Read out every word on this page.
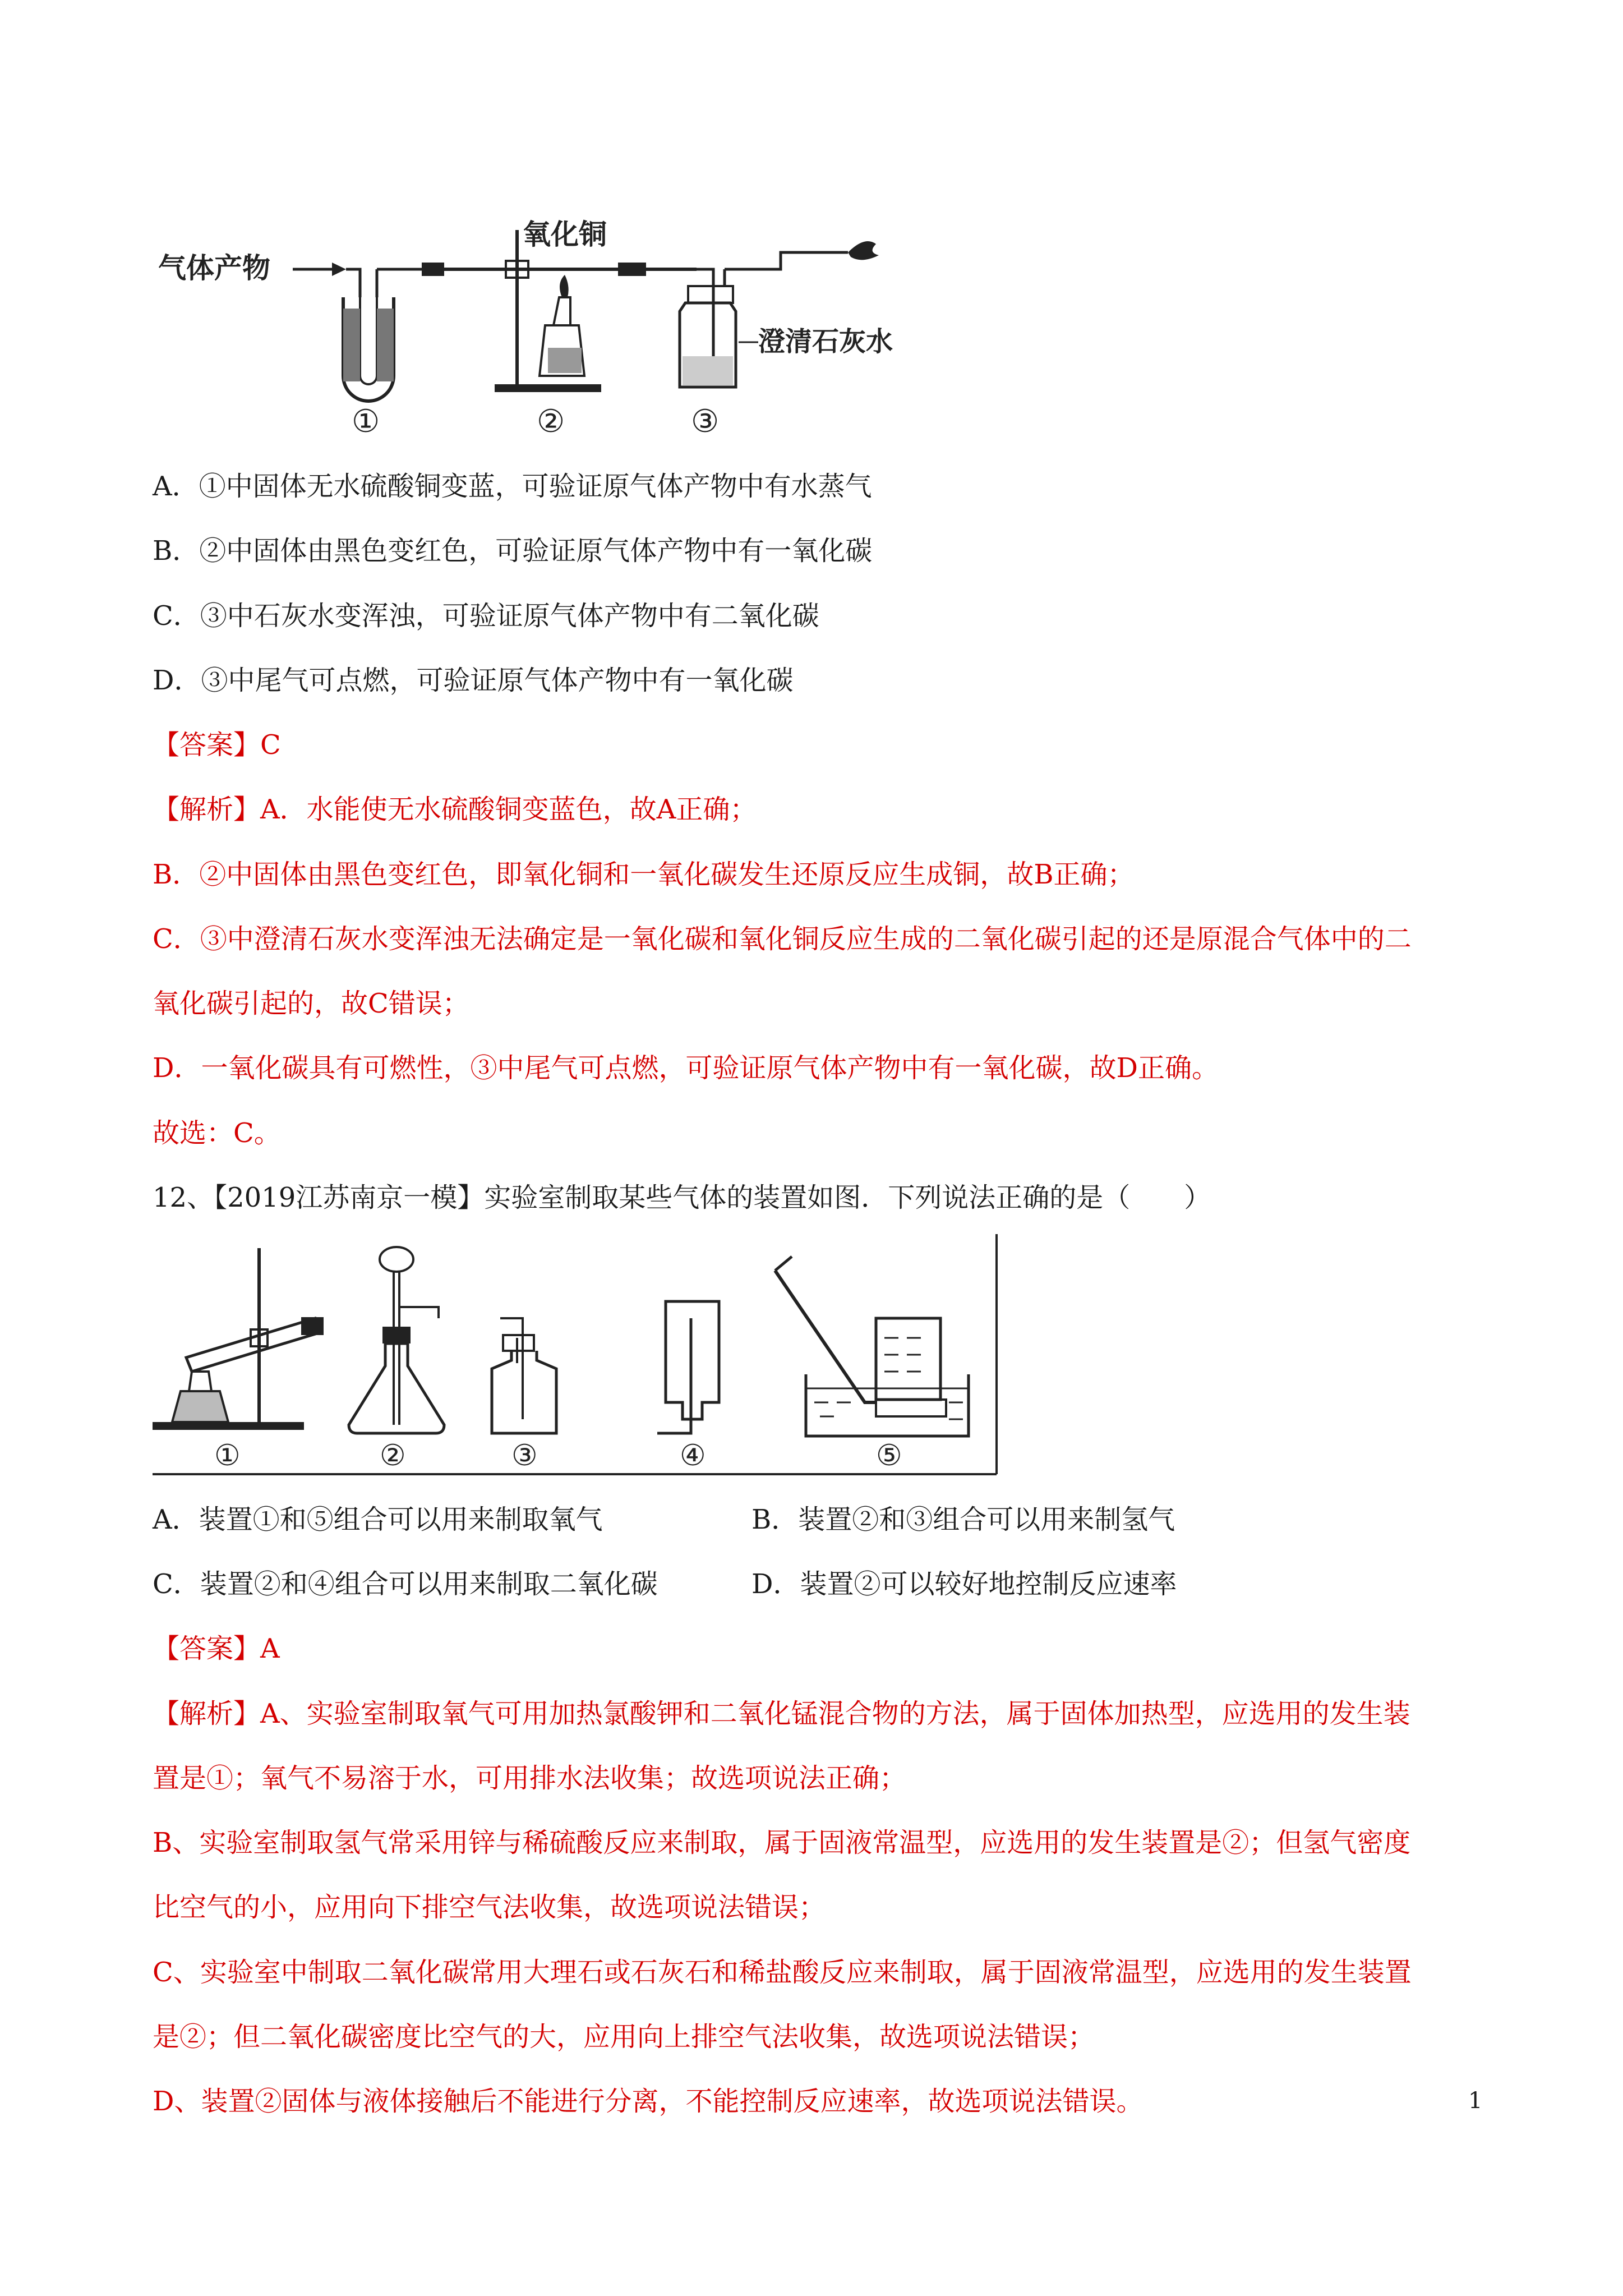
气体产物
氧化铜
澄清石灰水
①	②	③
A．①中固体无水硫酸铜变蓝，可验证原气体产物中有水蒸气
B．②中固体由黑色变红色，可验证原气体产物中有一氧化碳
C．③中石灰水变浑浊，可验证原气体产物中有二氧化碳
D．③中尾气可点燃，可验证原气体产物中有一氧化碳
【答案】C
【解析】A．水能使无水硫酸铜变蓝色，故A正确；
B．②中固体由黑色变红色，即氧化铜和一氧化碳发生还原反应生成铜，故B正确；
C．③中澄清石灰水变浑浊无法确定是一氧化碳和氧化铜反应生成的二氧化碳引起的还是原混合气体中的二
氧化碳引起的，故C错误；
D．一氧化碳具有可燃性，③中尾气可点燃，可验证原气体产物中有一氧化碳，故D正确。
故选：C。
12、【2019江苏南京一模】实验室制取某些气体的装置如图．下列说法正确的是（　　）
①	②	③	④	⑤
A．装置①和⑤组合可以用来制取氧气	B．装置②和③组合可以用来制氢气
C．装置②和④组合可以用来制取二氧化碳	D．装置②可以较好地控制反应速率
【答案】A
【解析】A、实验室制取氧气可用加热氯酸钾和二氧化锰混合物的方法，属于固体加热型，应选用的发生装
置是①；氧气不易溶于水，可用排水法收集；故选项说法正确；
B、实验室制取氢气常采用锌与稀硫酸反应来制取，属于固液常温型，应选用的发生装置是②；但氢气密度
比空气的小，应用向下排空气法收集，故选项说法错误；
C、实验室中制取二氧化碳常用大理石或石灰石和稀盐酸反应来制取，属于固液常温型，应选用的发生装置
是②；但二氧化碳密度比空气的大，应用向上排空气法收集，故选项说法错误；
D、装置②固体与液体接触后不能进行分离，不能控制反应速率，故选项说法错误。	1
